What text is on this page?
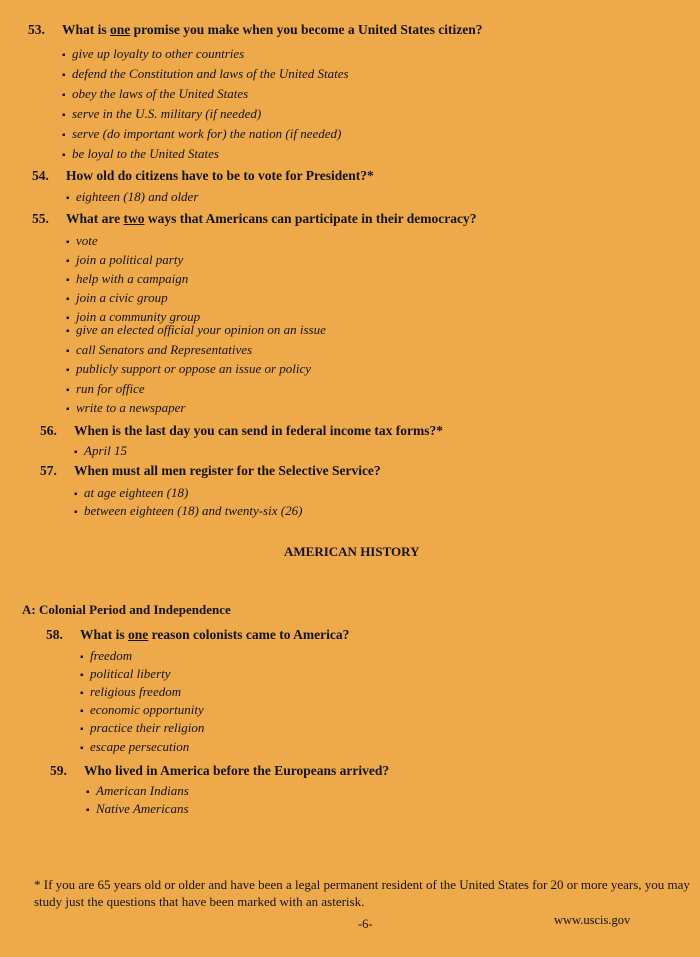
53. What is one promise you make when you become a United States citizen?
▪ give up loyalty to other countries
▪ defend the Constitution and laws of the United States
▪ obey the laws of the United States
▪ serve in the U.S. military (if needed)
▪ serve (do important work for) the nation (if needed)
▪ be loyal to the United States
54. How old do citizens have to be to vote for President?*
▪ eighteen (18) and older
55. What are two ways that Americans can participate in their democracy?
▪ vote
▪ join a political party
▪ help with a campaign
▪ join a civic group
▪ join a community group
▪ give an elected official your opinion on an issue
▪ call Senators and Representatives
▪ publicly support or oppose an issue or policy
▪ run for office
▪ write to a newspaper
56. When is the last day you can send in federal income tax forms?*
▪ April 15
57. When must all men register for the Selective Service?
▪ at age eighteen (18)
▪ between eighteen (18) and twenty-six (26)
AMERICAN HISTORY
A: Colonial Period and Independence
58. What is one reason colonists came to America?
▪ freedom
▪ political liberty
▪ religious freedom
▪ economic opportunity
▪ practice their religion
▪ escape persecution
59. Who lived in America before the Europeans arrived?
▪ American Indians
▪ Native Americans
* If you are 65 years old or older and have been a legal permanent resident of the United States for 20 or more years, you may study just the questions that have been marked with an asterisk.
-6-	www.uscis.gov
